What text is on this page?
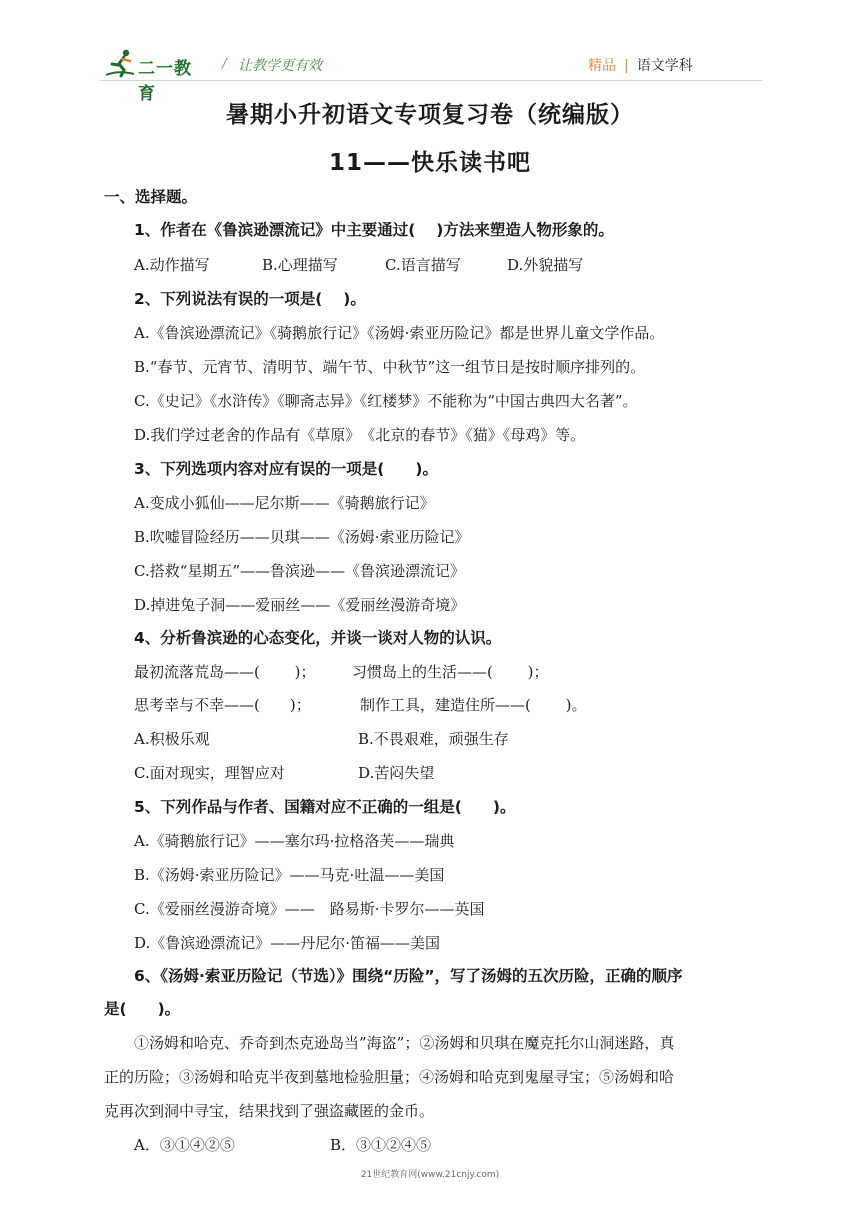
二一教育
/ 让教学更有效	精品 | 语文学科
暑期小升初语文专项复习卷（统编版）
11——快乐读书吧
一、选择题。
1、作者在《鲁滨逊漂流记》中主要通过(　 )方法来塑造人物形象的。
A.动作描写	B.心理描写	C.语言描写	D.外貌描写
2、下列说法有误的一项是(　 )。
A.《鲁滨逊漂流记》《骑鹅旅行记》《汤姆·索亚历险记》都是世界儿童文学作品。
B.“春节、元宵节、清明节、端午节、中秋节”这一组节日是按时顺序排列的。
C.《史记》《水浒传》《聊斋志异》《红楼梦》不能称为“中国古典四大名著”。
D.我们学过老舍的作品有《草原》　《北京的春节》《猫》《母鸡》等。
3、下列选项内容对应有误的一项是(　　)。
A.变成小狐仙——尼尔斯——《骑鹅旅行记》
B.吹嘘冒险经历——贝琪——《汤姆·索亚历险记》
C.搭救“星期五”——鲁滨逊——《鲁滨逊漂流记》
D.掉进兔子洞——爱丽丝——《爱丽丝漫游奇境》
4、分析鲁滨逊的心态变化，并谈一谈对人物的认识。
最初流落荒岛——(　　 )； 习惯岛上的生活——(　　 )；
思考幸与不幸——(　　)；	制作工具，建造住所——(　　 )。
A.积极乐观	B.不畏艰难，顽强生存
C.面对现实，理智应对	D.苦闷失望
5、下列作品与作者、国籍对应不正确的一组是(　　)。
A.《骑鹅旅行记》——塞尔玛·拉格洛芙——瑞典
B.《汤姆·索亚历险记》——马克·吐温——美国
C.《爱丽丝漫游奇境》——　路易斯·卡罗尔——英国
D.《鲁滨逊漂流记》——丹尼尔·笛福——美国
6、《汤姆·索亚历险记（节选）》围绕“历险”，写了汤姆的五次历险，正确的顺序
是(　　)。
①汤姆和哈克、乔奇到杰克逊岛当”海盗”；②汤姆和贝琪在魔克托尔山洞迷路，真
正的历险；③汤姆和哈克半夜到墓地检验胆量；④汤姆和哈克到鬼屋寻宝；⑤汤姆和哈
克再次到洞中寻宝，结果找到了强盗藏匿的金币。
A．③①④②⑤	B．③①②④⑤
21世纪教育网(www.21cnjy.com)
